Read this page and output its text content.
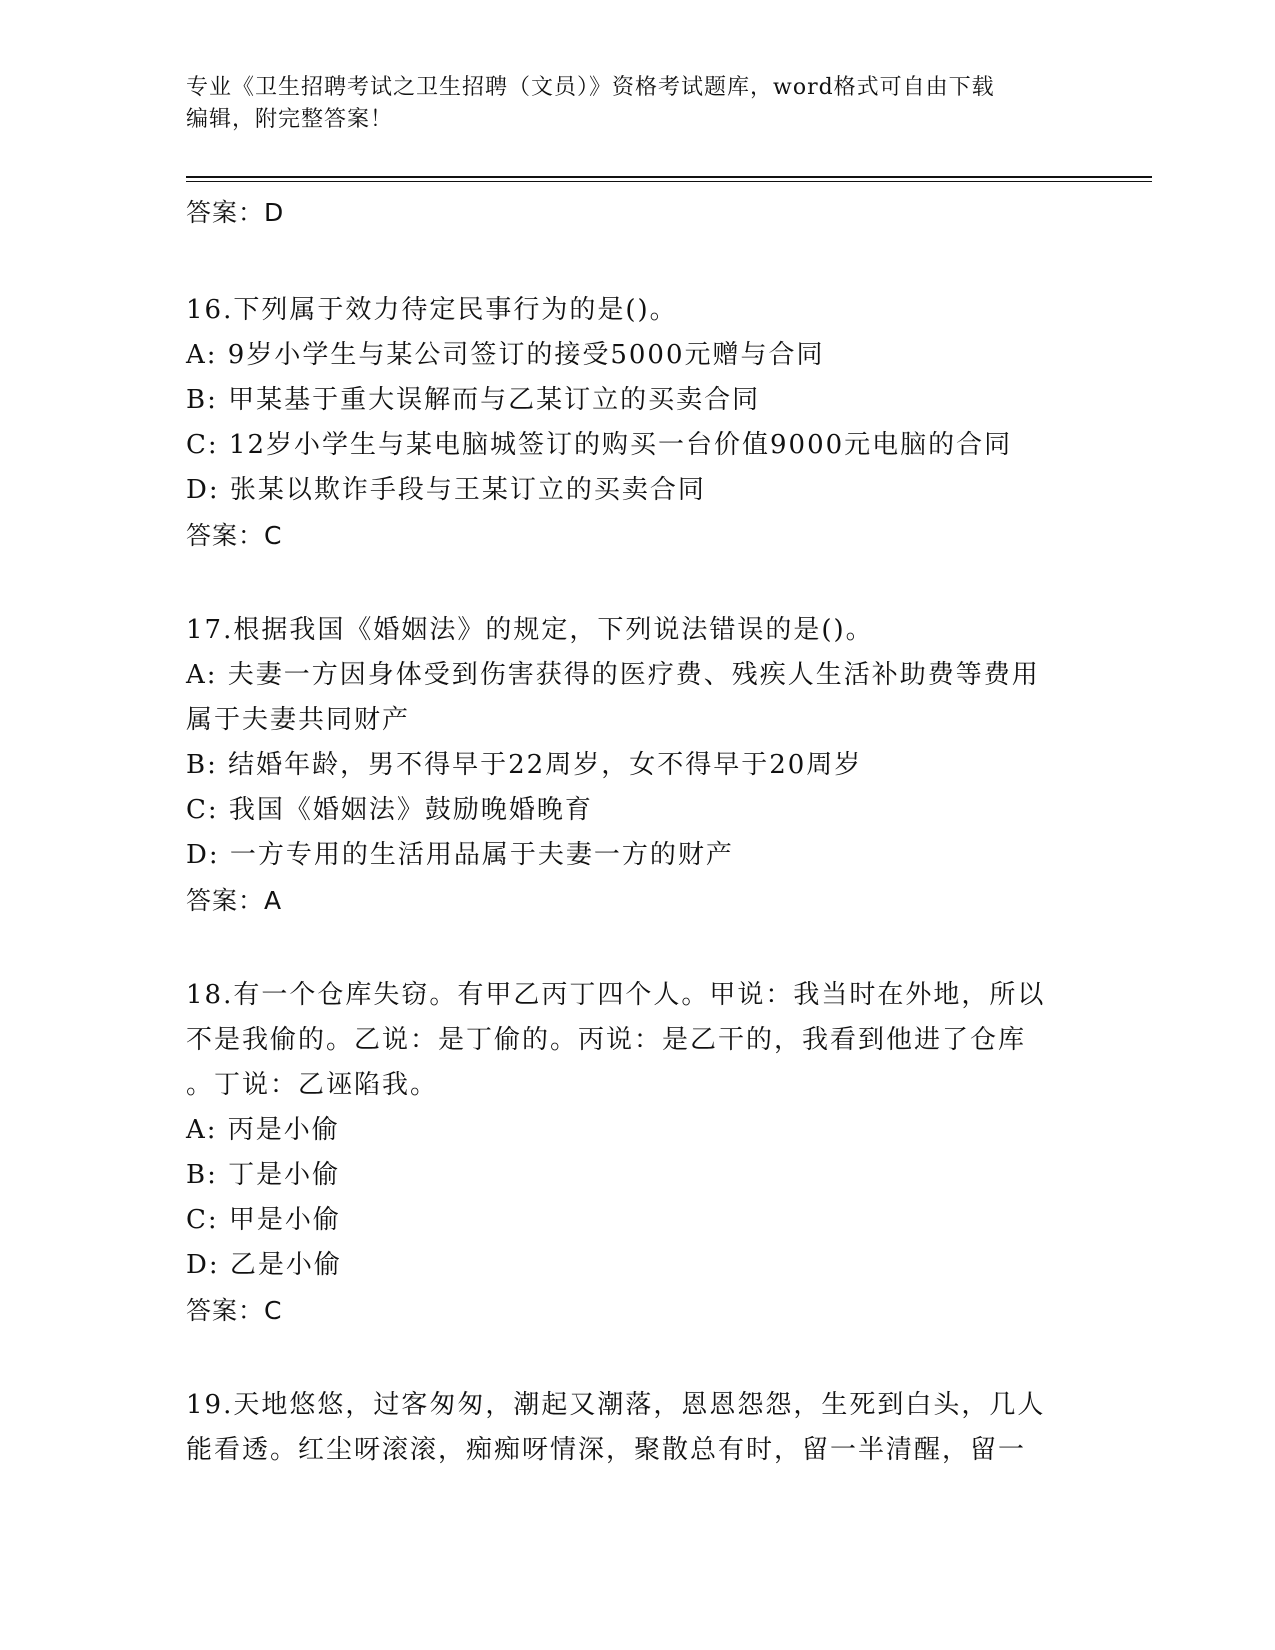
专业《卫生招聘考试之卫生招聘（文员）》资格考试题库，word格式可自由下载
编辑，附完整答案！
答案：D
16.下列属于效力待定民事行为的是()。
A: 9岁小学生与某公司签订的接受5000元赠与合同
B: 甲某基于重大误解而与乙某订立的买卖合同
C: 12岁小学生与某电脑城签订的购买一台价值9000元电脑的合同
D: 张某以欺诈手段与王某订立的买卖合同
答案：C
17.根据我国《婚姻法》的规定，下列说法错误的是()。
A: 夫妻一方因身体受到伤害获得的医疗费、残疾人生活补助费等费用
属于夫妻共同财产
B: 结婚年龄，男不得早于22周岁，女不得早于20周岁
C: 我国《婚姻法》鼓励晚婚晚育
D: 一方专用的生活用品属于夫妻一方的财产
答案：A
18.有一个仓库失窃。有甲乙丙丁四个人。甲说：我当时在外地，所以
不是我偷的。乙说：是丁偷的。丙说：是乙干的，我看到他进了仓库
。丁说：乙诬陷我。
A: 丙是小偷
B: 丁是小偷
C: 甲是小偷
D: 乙是小偷
答案：C
19.天地悠悠，过客匆匆，潮起又潮落，恩恩怨怨，生死到白头，几人
能看透。红尘呀滚滚，痴痴呀情深，聚散总有时，留一半清醒，留一
